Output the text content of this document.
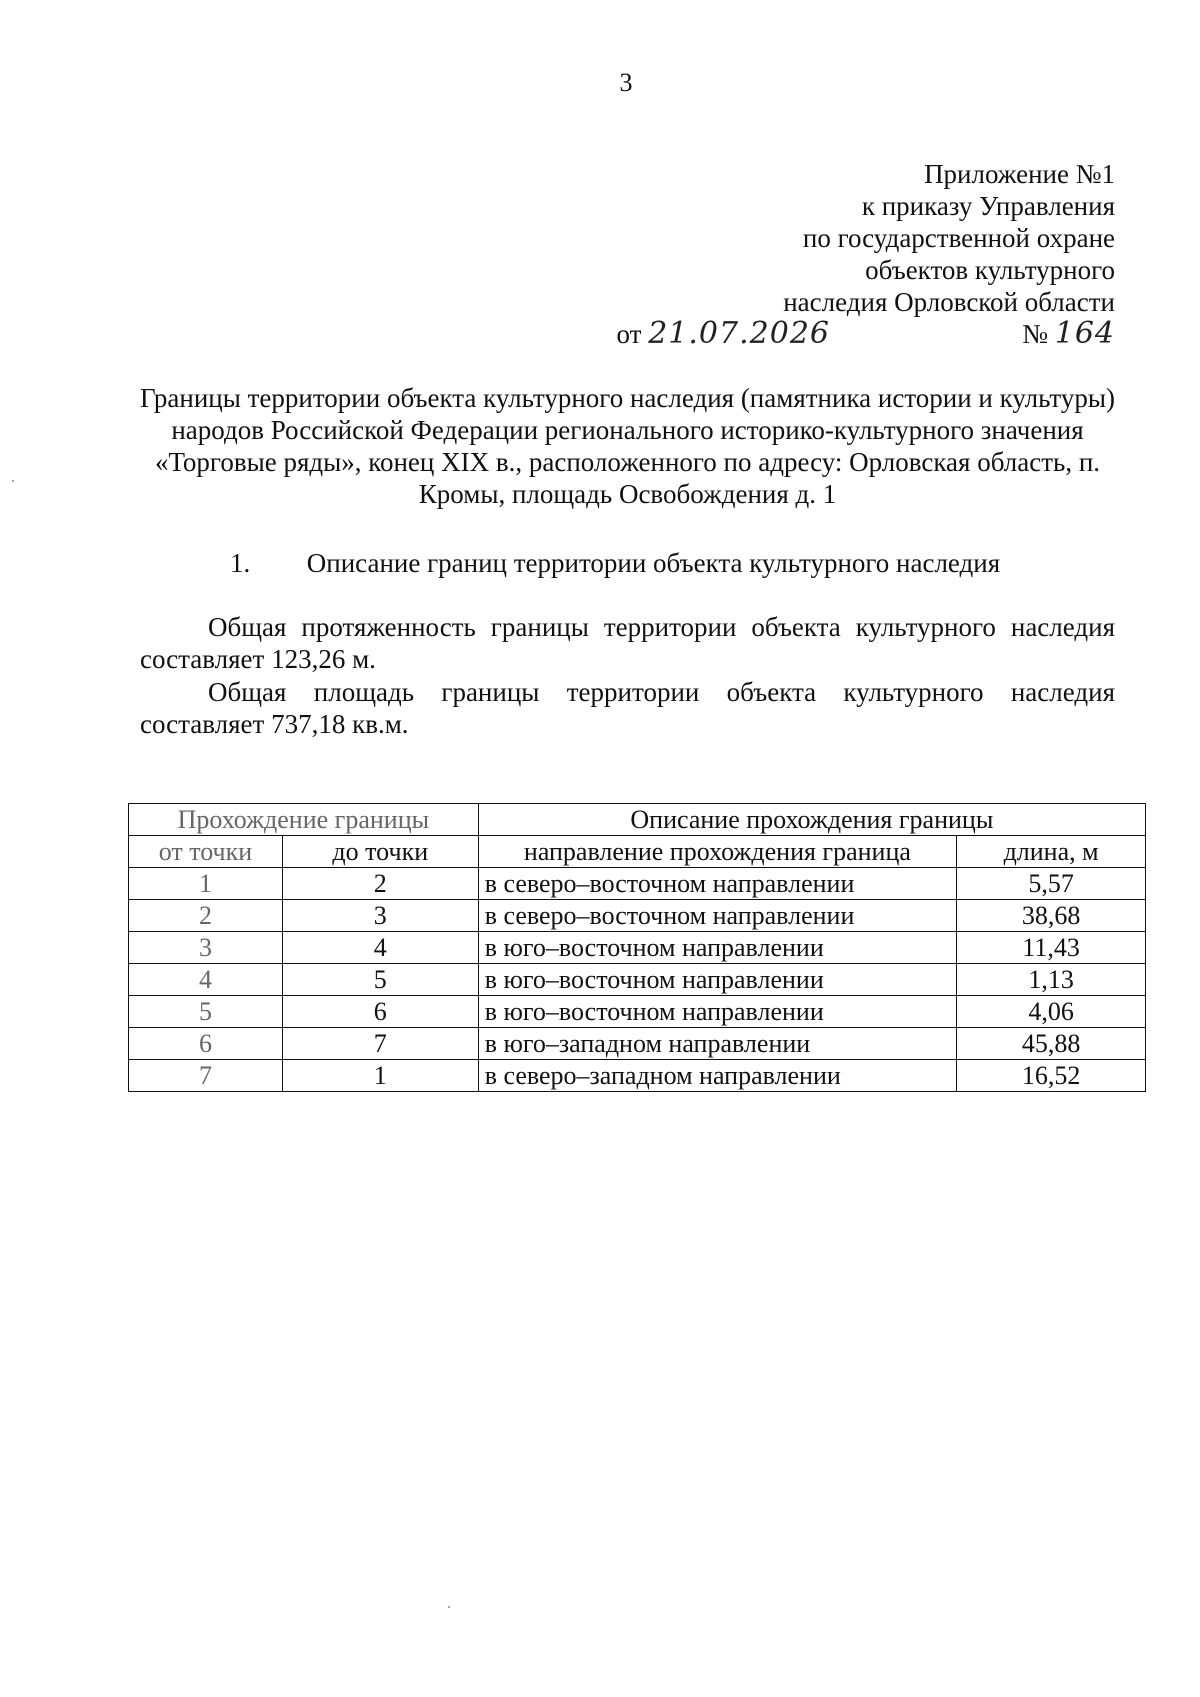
3
Приложение №1
к приказу Управления
по государственной охране
объектов культурного
наследия Орловской области
от 21.07.2026	№ 164
Границы территории объекта культурного наследия (памятника истории и культуры) народов Российской Федерации регионального историко-культурного значения «Торговые ряды», конец XIX в., расположенного по адресу: Орловская область, п. Кромы, площадь Освобождения д. 1
1. Описание границ территории объекта культурного наследия
Общая протяженность границы территории объекта культурного наследия составляет 123,26 м.
Общая площадь границы территории объекта культурного наследия составляет 737,18 кв.м.
Прохождение границы		Описание прохождения границы	
от точки	до точки	направление прохождения граница	длина, м
1	2	в северо–восточном направлении	5,57
2	3	в северо–восточном направлении	38,68
3	4	в юго–восточном направлении	11,43
4	5	в юго–восточном направлении	1,13
5	6	в юго–восточном направлении	4,06
6	7	в юго–западном направлении	45,88
7	1	в северо–западном направлении	16,52
